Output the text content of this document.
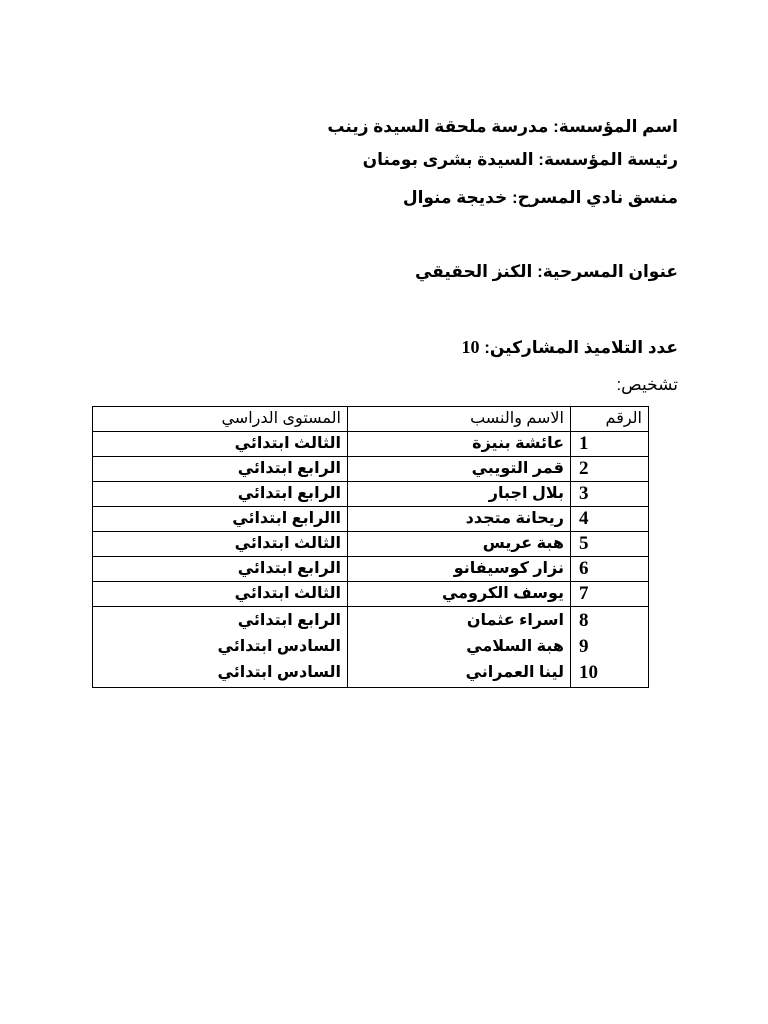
اسم المؤسسة: مدرسة ملحقة السيدة زينب
رئيسة المؤسسة: السيدة بشرى بومنان
منسق نادي المسرح: خديجة منوال
عنوان المسرحية: الكنز الحقيقي
عدد التلاميذ المشاركين: 10
تشخيص:
الرقم	الاسم والنسب	المستوى الدراسي
1	عائشة بنيزة	الثالث ابتدائي
2	قمر التويبي	الرابع ابتدائي
3	بلال اجبار	الرابع ابتدائي
4	ريحانة متجدد	االرابع ابتدائي
5	هبة عريس	الثالث ابتدائي
6	نزار كوسيفانو	الرابع ابتدائي
7	يوسف الكرومي	الثالث ابتدائي
8	اسراء عثمان	الرابع ابتدائي
9	هبة السلامي	السادس ابتدائي
10	لينا العمراني	السادس ابتدائي
